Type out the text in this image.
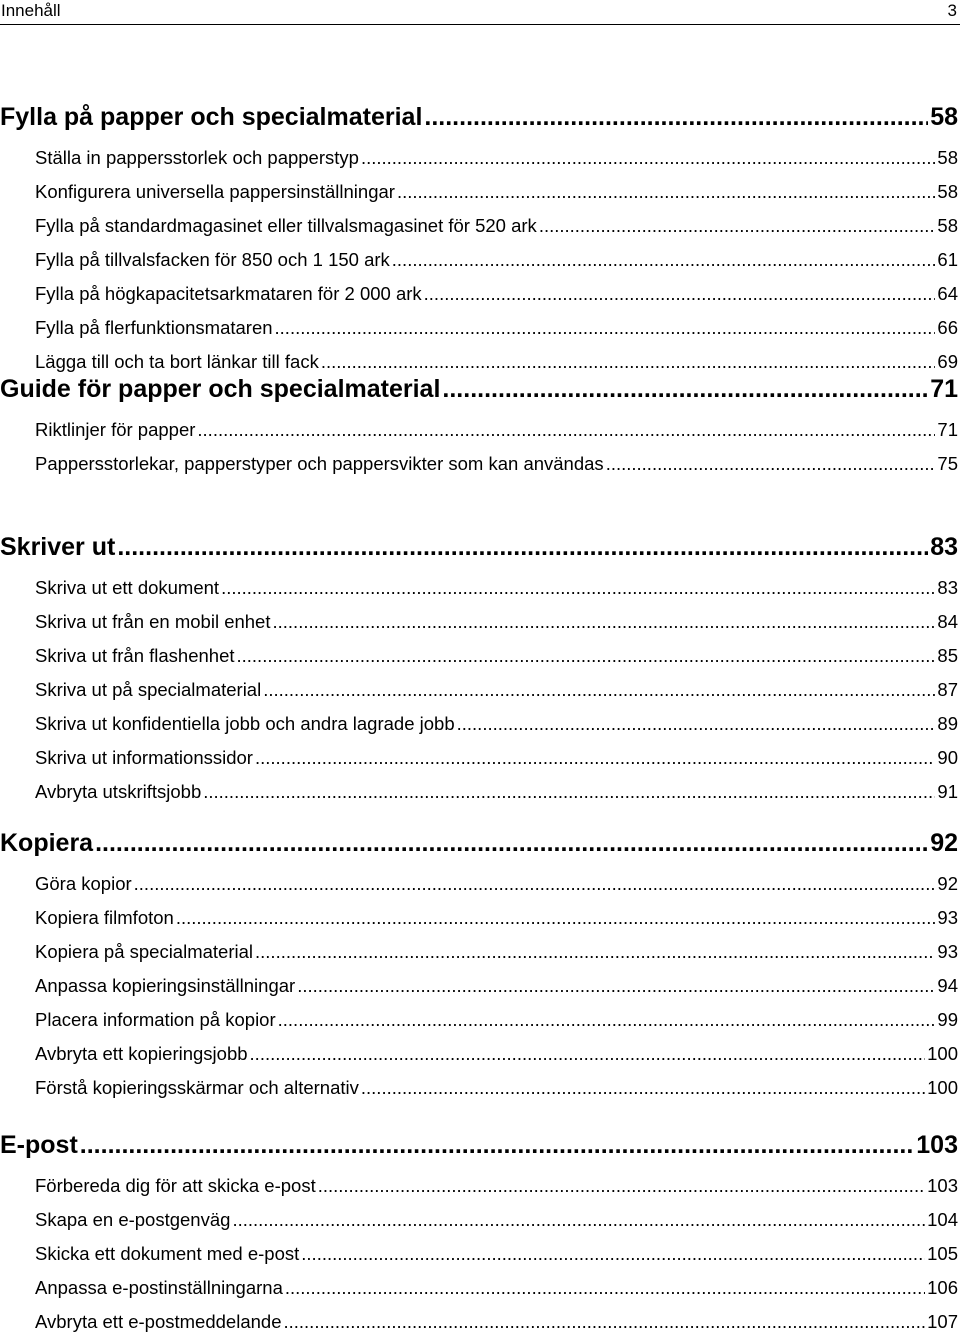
Innehåll	3
Fylla på papper och specialmaterial .....	58
Ställa in pappersstorlek och papperstyp .....	58
Konfigurera universella pappersinställningar .....	58
Fylla på standardmagasinet eller tillvalsmagasinet för 520 ark .....	58
Fylla på tillvalsfacken för 850 och 1 150 ark .....	61
Fylla på högkapacitetsarkmataren för 2 000 ark .....	64
Fylla på flerfunktionsmataren .....	66
Lägga till och ta bort länkar till fack .....	69
Guide för papper och specialmaterial .....	71
Riktlinjer för papper .....	71
Pappersstorlekar, papperstyper och pappersvikter som kan användas .....	75
Skriver ut .....	83
Skriva ut ett dokument .....	83
Skriva ut från en mobil enhet .....	84
Skriva ut från flashenhet .....	85
Skriva ut på specialmaterial .....	87
Skriva ut konfidentiella jobb och andra lagrade jobb .....	89
Skriva ut informationssidor .....	90
Avbryta utskriftsjobb .....	91
Kopiera .....	92
Göra kopior .....	92
Kopiera filmfoton .....	93
Kopiera på specialmaterial .....	93
Anpassa kopieringsinställningar .....	94
Placera information på kopior .....	99
Avbryta ett kopieringsjobb .....	100
Förstå kopieringsskärmar och alternativ .....	100
E-post .....	103
Förbereda dig för att skicka e-post .....	103
Skapa en e-postgenväg .....	104
Skicka ett dokument med e-post .....	105
Anpassa e-postinställningarna .....	106
Avbryta ett e-postmeddelande .....	107
